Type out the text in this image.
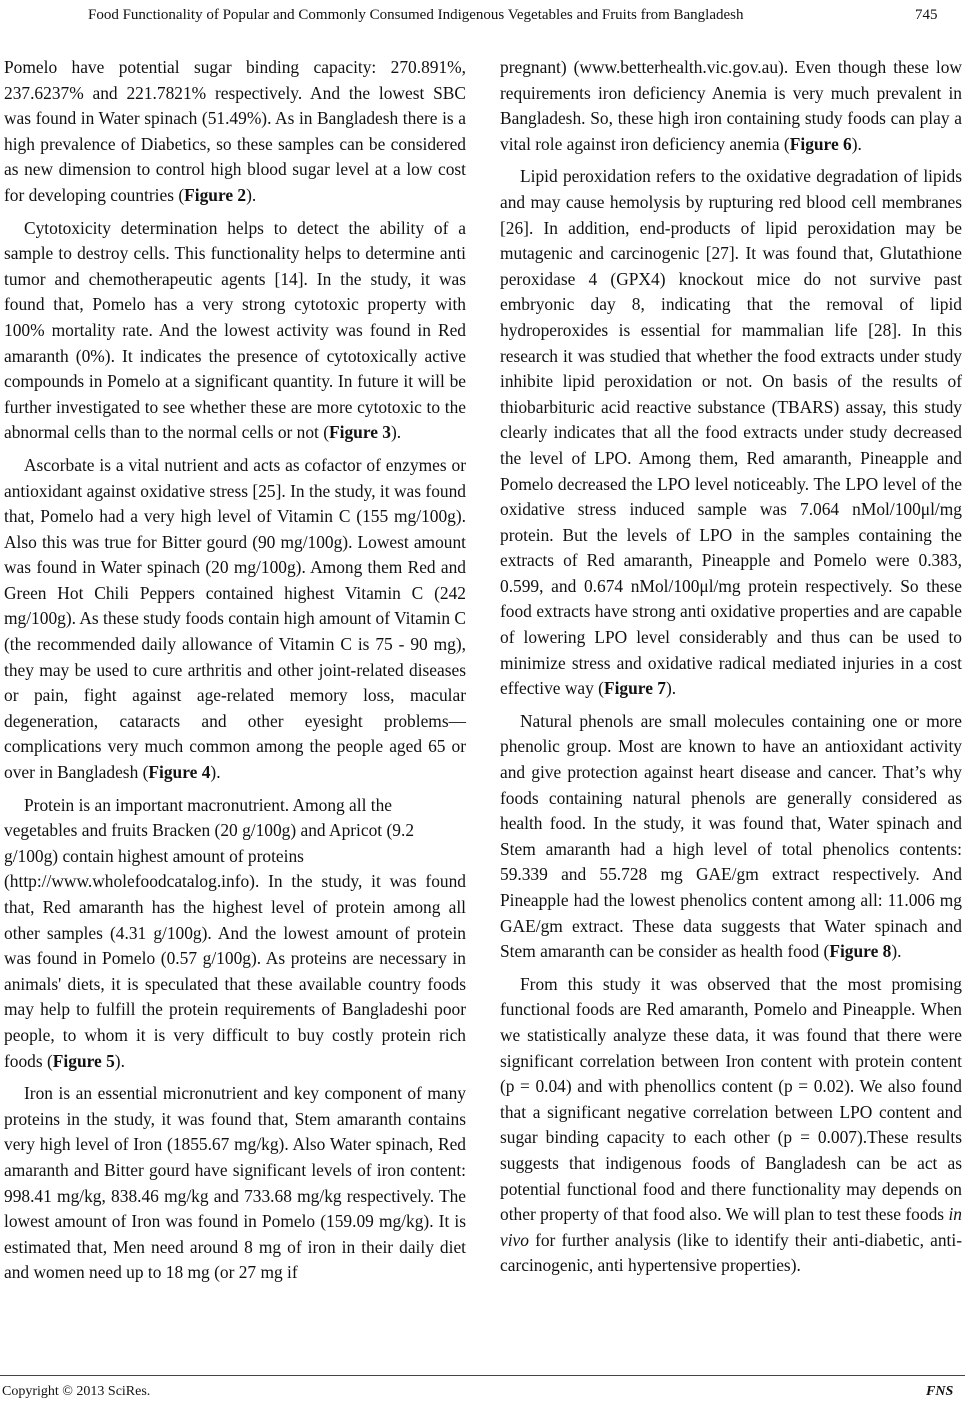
Food Functionality of Popular and Commonly Consumed Indigenous Vegetables and Fruits from Bangladesh	745

Pomelo have potential sugar binding capacity: 270.891%, 237.6237% and 221.7821% respectively. And the lowest SBC was found in Water spinach (51.49%). As in Bangladesh there is a high prevalence of Diabetics, so these samples can be considered as new dimension to control high blood sugar level at a low cost for developing countries (Figure 2).

Cytotoxicity determination helps to detect the ability of a sample to destroy cells. This functionality helps to determine anti tumor and chemotherapeutic agents [14]. In the study, it was found that, Pomelo has a very strong cytotoxic property with 100% mortality rate. And the lowest activity was found in Red amaranth (0%). It indicates the presence of cytotoxically active compounds in Pomelo at a significant quantity. In future it will be further investigated to see whether these are more cytotoxic to the abnormal cells than to the normal cells or not (Figure 3).

Ascorbate is a vital nutrient and acts as cofactor of enzymes or antioxidant against oxidative stress [25]. In the study, it was found that, Pomelo had a very high level of Vitamin C (155 mg/100g). Also this was true for Bitter gourd (90 mg/100g). Lowest amount was found in Water spinach (20 mg/100g). Among them Red and Green Hot Chili Peppers contained highest Vitamin C (242 mg/100g). As these study foods contain high amount of Vitamin C (the recommended daily allowance of Vitamin C is 75 - 90 mg), they may be used to cure arthritis and other joint-related diseases or pain, fight against age-related memory loss, macular degeneration, cataracts and other eyesight problems—complications very much common among the people aged 65 or over in Bangladesh (Figure 4).

Protein is an important macronutrient. Among all the vegetables and fruits Bracken (20 g/100g) and Apricot (9.2 g/100g) contain highest amount of proteins

(http://www.wholefoodcatalog.info). In the study, it was found that, Red amaranth has the highest level of protein among all other samples (4.31 g/100g). And the lowest amount of protein was found in Pomelo (0.57 g/100g). As proteins are necessary in animals' diets, it is speculated that these available country foods may help to fulfill the protein requirements of Bangladeshi poor people, to whom it is very difficult to buy costly protein rich foods (Figure 5).

Iron is an essential micronutrient and key component of many proteins in the study, it was found that, Stem amaranth contains very high level of Iron (1855.67 mg/kg). Also Water spinach, Red amaranth and Bitter gourd have significant levels of iron content: 998.41 mg/kg, 838.46 mg/kg and 733.68 mg/kg respectively. The lowest amount of Iron was found in Pomelo (159.09 mg/kg). It is estimated that, Men need around 8 mg of iron in their daily diet and women need up to 18 mg (or 27 mg if

pregnant) (www.betterhealth.vic.gov.au). Even though these low requirements iron deficiency Anemia is very much prevalent in Bangladesh. So, these high iron containing study foods can play a vital role against iron deficiency anemia (Figure 6).

Lipid peroxidation refers to the oxidative degradation of lipids and may cause hemolysis by rupturing red blood cell membranes [26]. In addition, end-products of lipid peroxidation may be mutagenic and carcinogenic [27]. It was found that, Glutathione peroxidase 4 (GPX4) knockout mice do not survive past embryonic day 8, indicating that the removal of lipid hydroperoxides is essential for mammalian life [28]. In this research it was studied that whether the food extracts under study inhibite lipid peroxidation or not. On basis of the results of thiobarbituric acid reactive substance (TBARS) assay, this study clearly indicates that all the food extracts under study decreased the level of LPO. Among them, Red amaranth, Pineapple and Pomelo decreased the LPO level noticeably. The LPO level of the oxidative stress induced sample was 7.064 nMol/100μl/mg protein. But the levels of LPO in the samples containing the extracts of Red amaranth, Pineapple and Pomelo were 0.383, 0.599, and 0.674 nMol/100μl/mg protein respectively. So these food extracts have strong anti oxidative properties and are capable of lowering LPO level considerably and thus can be used to minimize stress and oxidative radical mediated injuries in a cost effective way (Figure 7).

Natural phenols are small molecules containing one or more phenolic group. Most are known to have an antioxidant activity and give protection against heart disease and cancer. That’s why foods containing natural phenols are generally considered as health food. In the study, it was found that, Water spinach and Stem amaranth had a high level of total phenolics contents: 59.339 and 55.728 mg GAE/gm extract respectively. And Pineapple had the lowest phenolics content among all: 11.006 mg GAE/gm extract. These data suggests that Water spinach and Stem amaranth can be consider as health food (Figure 8).

From this study it was observed that the most promising functional foods are Red amaranth, Pomelo and Pineapple. When we statistically analyze these data, it was found that there were significant correlation between Iron content with protein content (p = 0.04) and with phenollics content (p = 0.02). We also found that a significant negative correlation between LPO content and sugar binding capacity to each other (p = 0.007).These results suggests that indigenous foods of Bangladesh can be act as potential functional food and there functionality may depends on other property of that food also. We will plan to test these foods in vivo for further analysis (like to identify their anti-diabetic, anti-carcinogenic, anti hypertensive properties).

Copyright © 2013 SciRes.	FNS
